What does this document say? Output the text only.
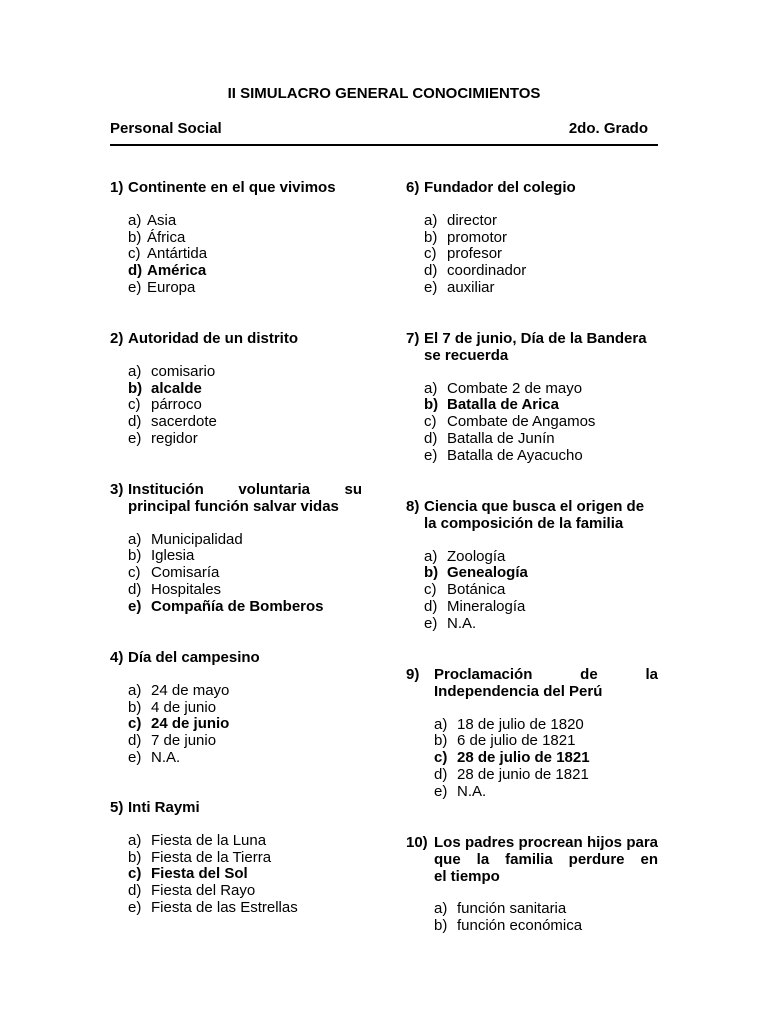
II SIMULACRO GENERAL CONOCIMIENTOS
Personal Social	2do. Grado
1) Continente en el que vivimos
a) Asia
b) África
c) Antártida
d) América
e) Europa
2) Autoridad de un distrito
a) comisario
b) alcalde
c) párroco
d) sacerdote
e) regidor
3) Institución voluntaria su
principal función salvar vidas
a) Municipalidad
b) Iglesia
c) Comisaría
d) Hospitales
e) Compañía de Bomberos
4) Día del campesino
a) 24 de mayo
b) 4 de junio
c) 24 de junio
d) 7 de junio
e) N.A.
5) Inti Raymi
a) Fiesta de la Luna
b) Fiesta de la Tierra
c) Fiesta del Sol
d) Fiesta del Rayo
e) Fiesta de las Estrellas
6) Fundador del colegio
a) director
b) promotor
c) profesor
d) coordinador
e) auxiliar
7) El 7 de junio, Día de la Bandera
se recuerda
a) Combate 2 de mayo
b) Batalla de Arica
c) Combate de Angamos
d) Batalla de Junín
e) Batalla de Ayacucho
8) Ciencia que busca el origen de
la composición de la familia
a) Zoología
b) Genealogía
c) Botánica
d) Mineralogía
e) N.A.
9) Proclamación de la
Independencia del Perú
a) 18 de julio de 1820
b) 6 de julio de 1821
c) 28 de julio de 1821
d) 28 de junio de 1821
e) N.A.
10) Los padres procrean hijos para que la familia perdure en
el tiempo
a) función sanitaria
b) función económica
